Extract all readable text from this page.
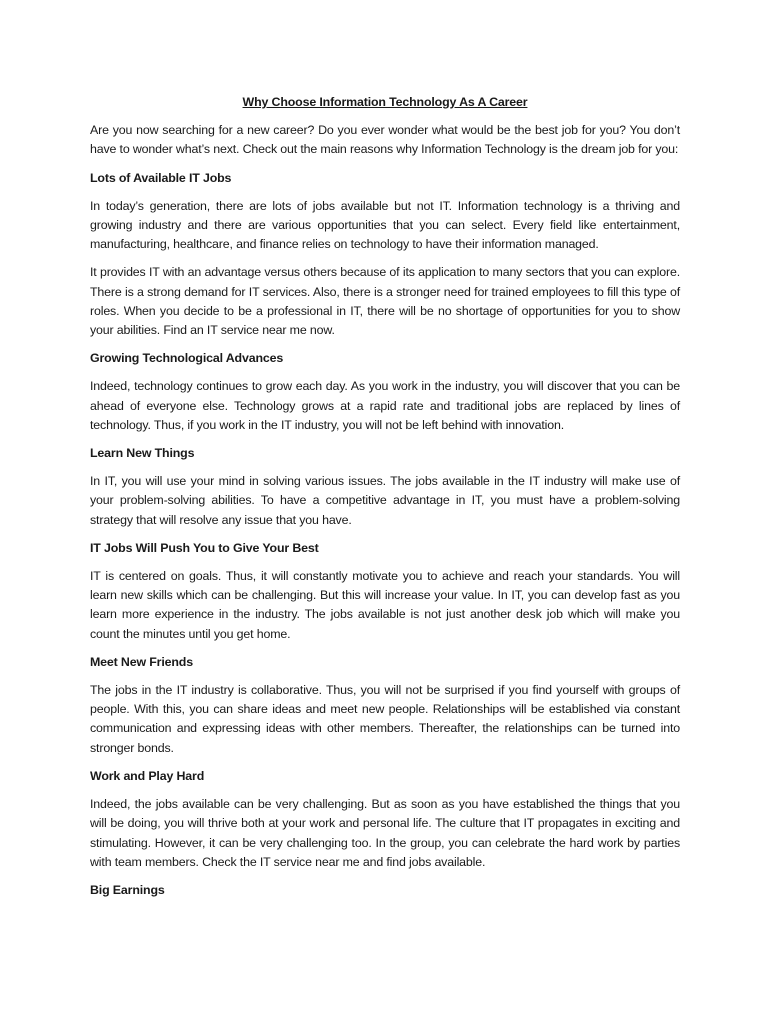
Why Choose Information Technology As A Career
Are you now searching for a new career? Do you ever wonder what would be the best job for you? You don’t have to wonder what’s next. Check out the main reasons why Information Technology is the dream job for you:
Lots of Available IT Jobs
In today’s generation, there are lots of jobs available but not IT. Information technology is a thriving and growing industry and there are various opportunities that you can select. Every field like entertainment, manufacturing, healthcare, and finance relies on technology to have their information managed.
It provides IT with an advantage versus others because of its application to many sectors that you can explore. There is a strong demand for IT services. Also, there is a stronger need for trained employees to fill this type of roles. When you decide to be a professional in IT, there will be no shortage of opportunities for you to show your abilities. Find an IT service near me now.
Growing Technological Advances
Indeed, technology continues to grow each day. As you work in the industry, you will discover that you can be ahead of everyone else. Technology grows at a rapid rate and traditional jobs are replaced by lines of technology. Thus, if you work in the IT industry, you will not be left behind with innovation.
Learn New Things
In IT, you will use your mind in solving various issues. The jobs available in the IT industry will make use of your problem-solving abilities. To have a competitive advantage in IT, you must have a problem-solving strategy that will resolve any issue that you have.
IT Jobs Will Push You to Give Your Best
IT is centered on goals. Thus, it will constantly motivate you to achieve and reach your standards. You will learn new skills which can be challenging. But this will increase your value. In IT, you can develop fast as you learn more experience in the industry. The jobs available is not just another desk job which will make you count the minutes until you get home.
Meet New Friends
The jobs in the IT industry is collaborative. Thus, you will not be surprised if you find yourself with groups of people. With this, you can share ideas and meet new people. Relationships will be established via constant communication and expressing ideas with other members. Thereafter, the relationships can be turned into stronger bonds.
Work and Play Hard
Indeed, the jobs available can be very challenging. But as soon as you have established the things that you will be doing, you will thrive both at your work and personal life. The culture that IT propagates in exciting and stimulating. However, it can be very challenging too. In the group, you can celebrate the hard work by parties with team members. Check the IT service near me and find jobs available.
Big Earnings
